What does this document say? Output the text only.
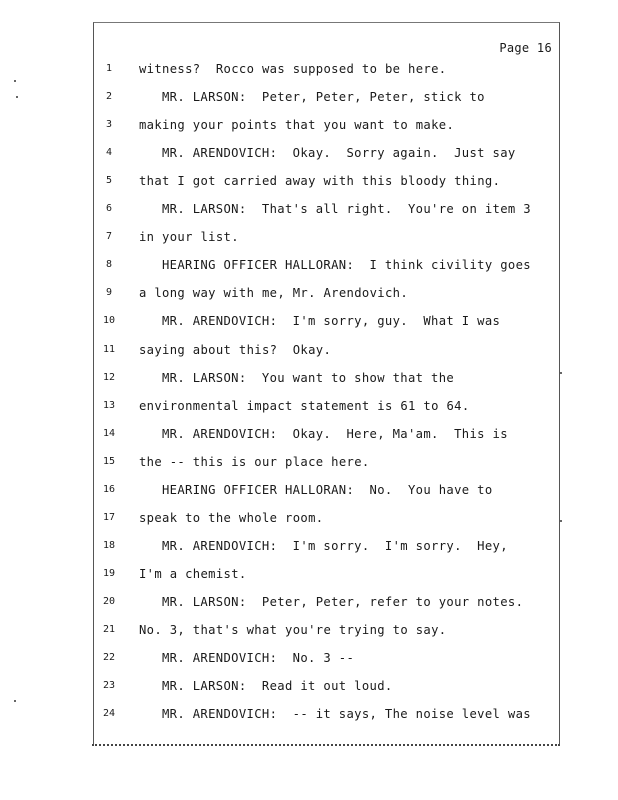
Page 16
1	witness?  Rocco was supposed to be here.
2	MR. LARSON:  Peter, Peter, Peter, stick to
3	making your points that you want to make.
4	MR. ARENDOVICH:  Okay.  Sorry again.  Just say
5	that I got carried away with this bloody thing.
6	MR. LARSON:  That's all right.  You're on item 3
7	in your list.
8	HEARING OFFICER HALLORAN:  I think civility goes
9	a long way with me, Mr. Arendovich.
10	MR. ARENDOVICH:  I'm sorry, guy.  What I was
11	saying about this?  Okay.
12	MR. LARSON:  You want to show that the
13	environmental impact statement is 61 to 64.
14	MR. ARENDOVICH:  Okay.  Here, Ma'am.  This is
15	the -- this is our place here.
16	HEARING OFFICER HALLORAN:  No.  You have to
17	speak to the whole room.
18	MR. ARENDOVICH:  I'm sorry.  I'm sorry.  Hey,
19	I'm a chemist.
20	MR. LARSON:  Peter, Peter, refer to your notes.
21	No. 3, that's what you're trying to say.
22	MR. ARENDOVICH:  No. 3 --
23	MR. LARSON:  Read it out loud.
24	MR. ARENDOVICH:  -- it says, The noise level was
